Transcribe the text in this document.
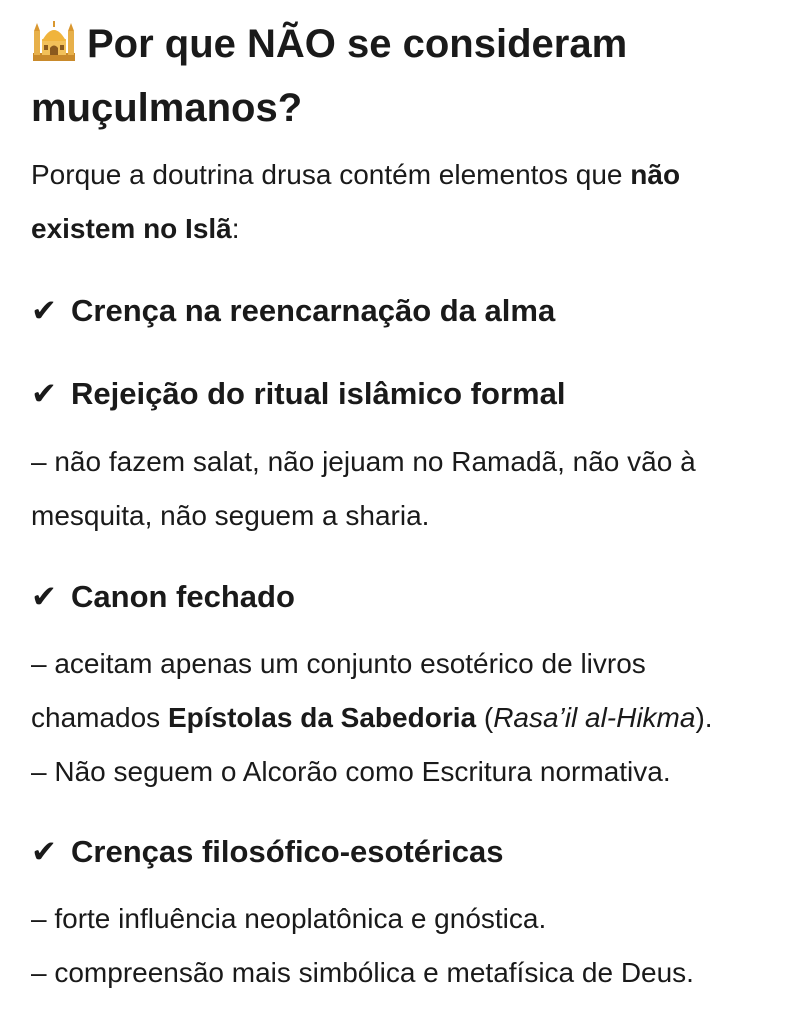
Por que NÃO se consideram muçulmanos?

Porque a doutrina drusa contém elementos que não existem no Islã:

✔ Crença na reencarnação da alma
✔ Rejeição do ritual islâmico formal

– não fazem salat, não jejuam no Ramadã, não vão à mesquita, não seguem a sharia.

✔ Canon fechado

– aceitam apenas um conjunto esotérico de livros chamados Epístolas da Sabedoria (Rasa’il al-Hikma).
– Não seguem o Alcorão como Escritura normativa.

✔ Crenças filosófico-esotéricas

– forte influência neoplatônica e gnóstica.
– compreensão mais simbólica e metafísica de Deus.
